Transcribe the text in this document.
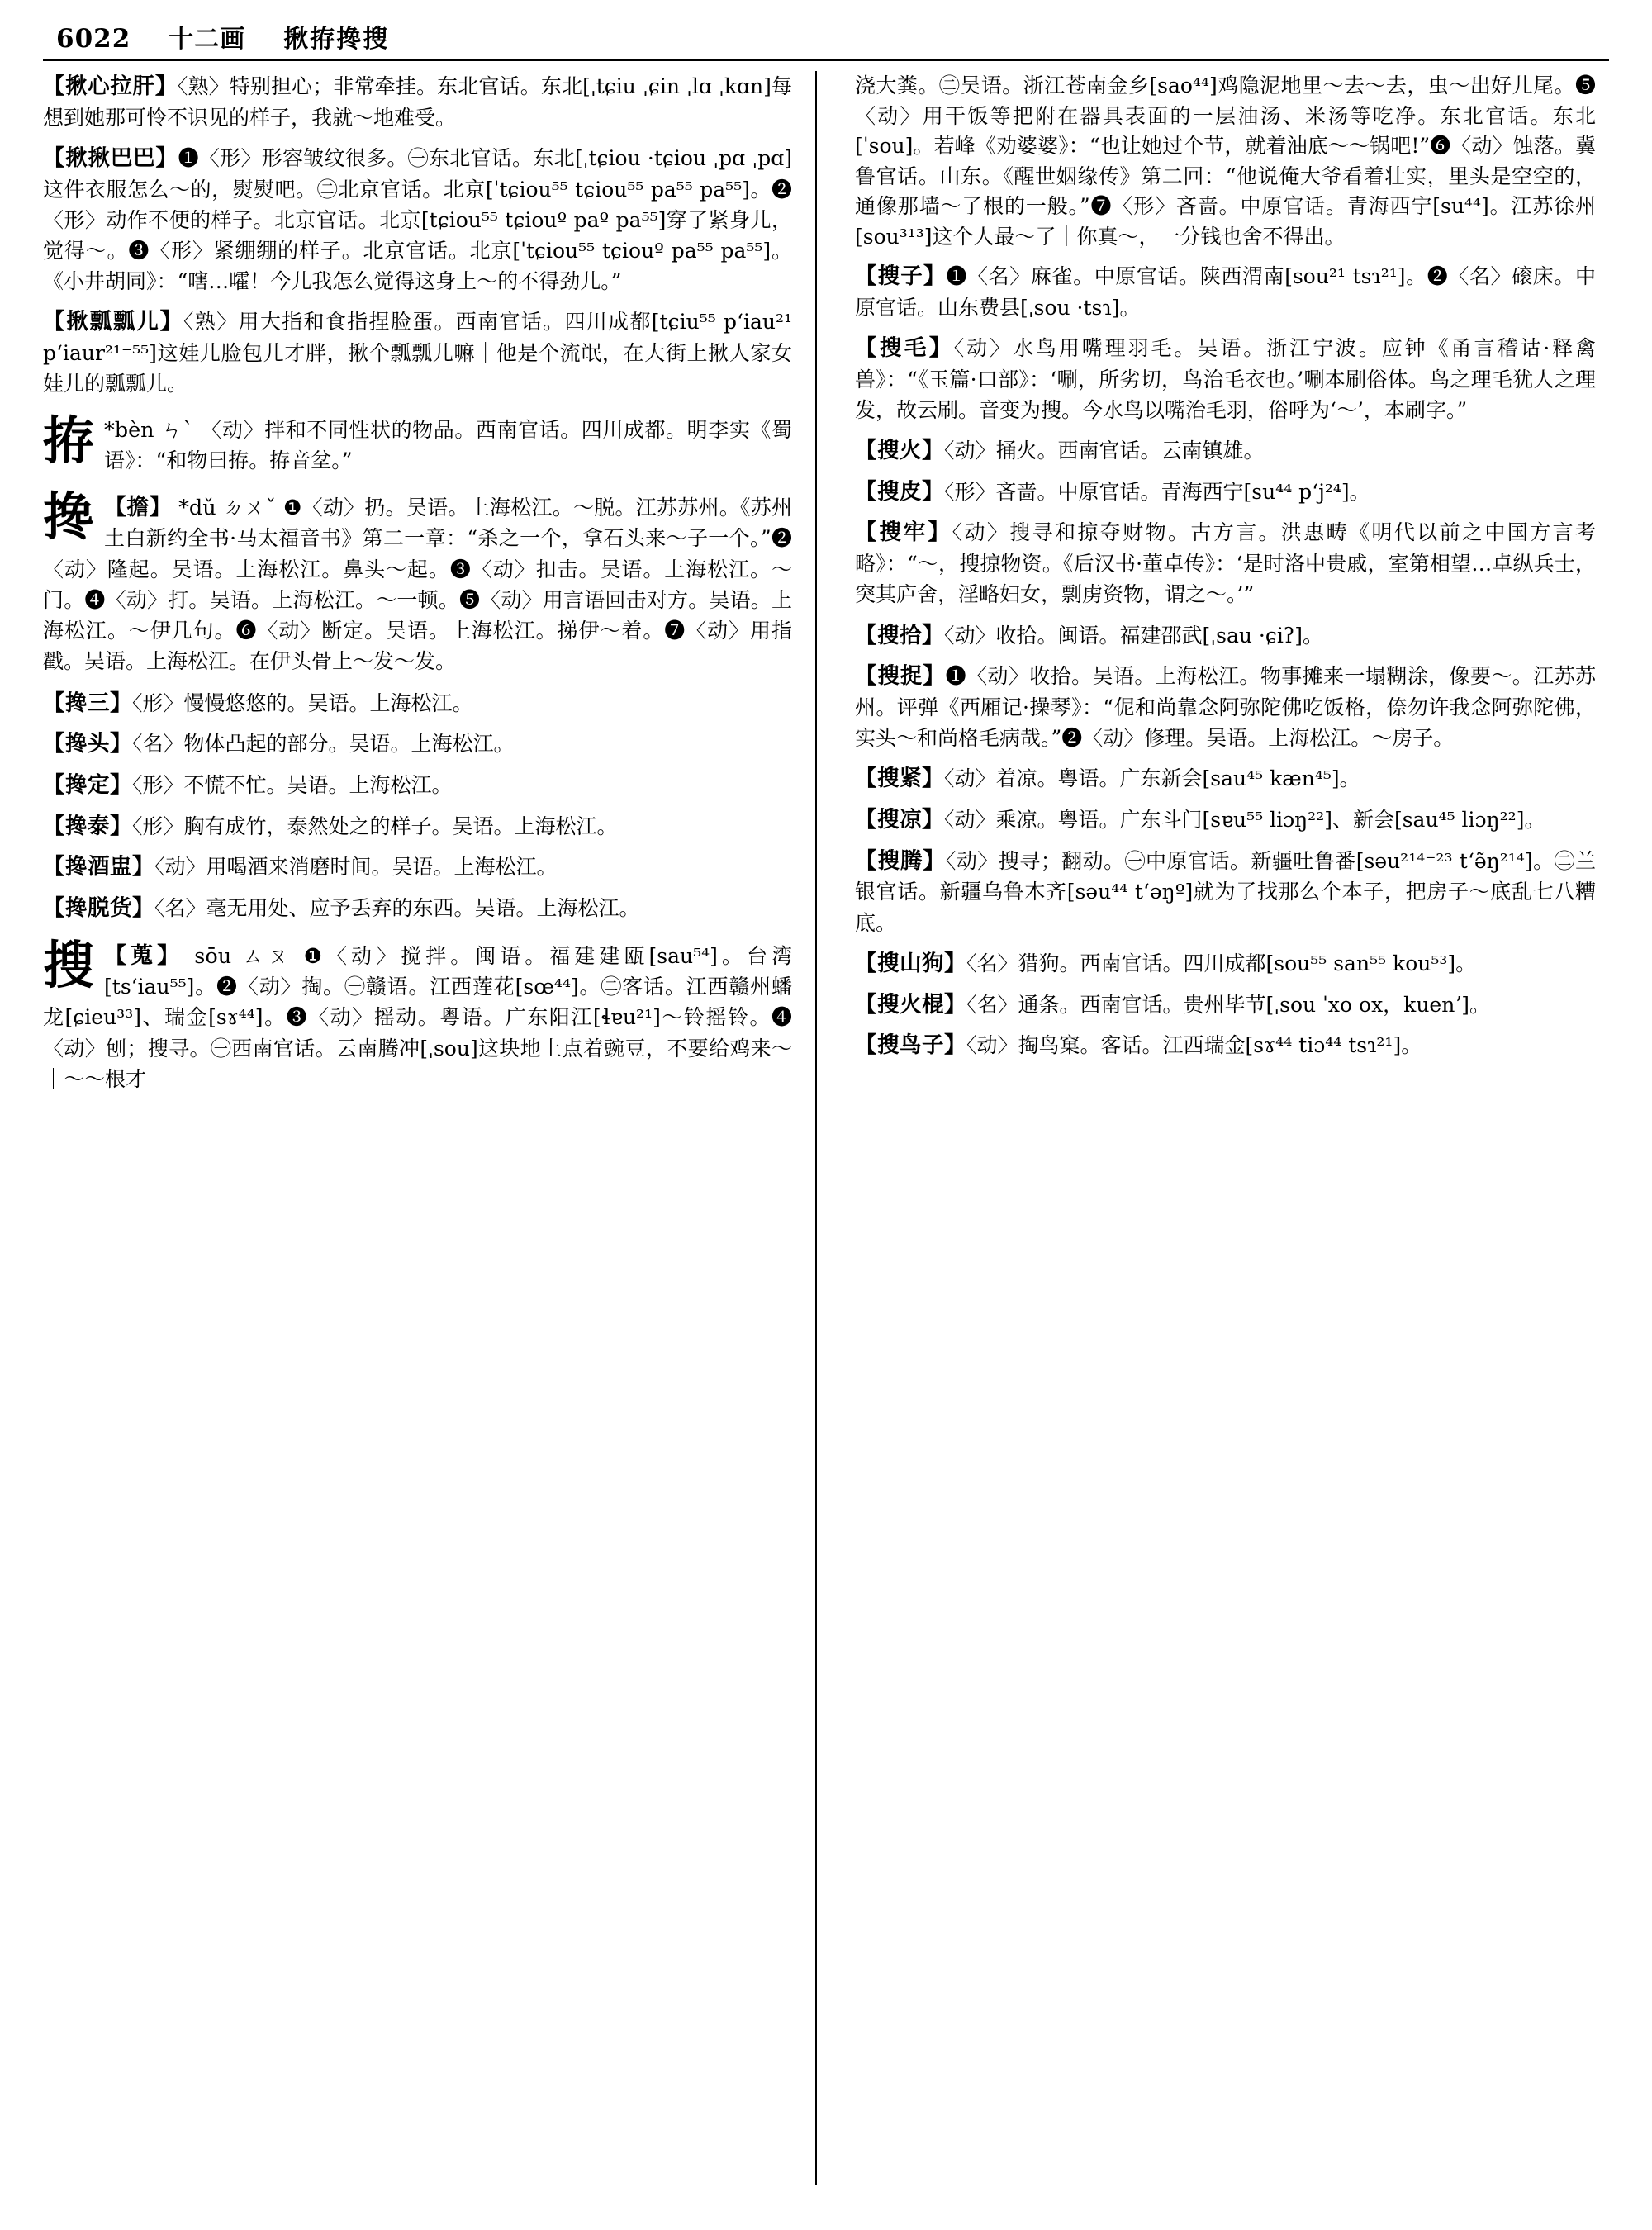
6022 十二画 揪拵搀搜

【揪心拉肝】〈熟〉特别担心；非常牵挂。东北官话。东北[ˌtɕiu ˌɕin ˌlɑ ˌkɑn]每想到她那可怜不识见的样子，我就～地难受。

【揪揪巴巴】❶〈形〉形容皱纹很多。㊀东北官话。东北[ˌtɕiou ·tɕiou ˌpɑ ˌpɑ]这件衣服怎么～的，熨熨吧。㊁北京官话。北京[ˈtɕiou⁵⁵ tɕiou⁵⁵ pa⁵⁵ pa⁵⁵]。❷〈形〉动作不便的样子。北京官话。北京[tɕiou⁵⁵ tɕiouº paº pa⁵⁵]穿了紧身儿，觉得～。❸〈形〉紧绷绷的样子。北京官话。北京[ˈtɕiou⁵⁵ tɕiouº pa⁵⁵ pa⁵⁵]。《小井胡同》：“嗐…嚯！今儿我怎么觉得这身上～的不得劲儿。”

【揪瓢瓢儿】〈熟〉用大指和食指捏脸蛋。西南官话。四川成都[tɕiu⁵⁵ pʻiau²¹ pʻiaur²¹⁻⁵⁵]这娃儿脸包儿才胖，揪个瓢瓢儿嘛｜他是个流氓，在大街上揪人家女娃儿的瓢瓢儿。

拵 *bèn ㄣˋ 〈动〉拌和不同性状的物品。西南官话。四川成都。明李实《蜀语》：“和物曰拵。拵音坌。”
搀 【擔】 *dǔ ㄉㄨˇ ❶〈动〉扔。吴语。上海松江。～脱。江苏苏州。《苏州土白新约全书·马太福音书》第二一章：“杀之一个，拿石头来～子一个。”❷〈动〉隆起。吴语。上海松江。鼻头～起。❸〈动〉扣击。吴语。上海松江。～门。❹〈动〉打。吴语。上海松江。～一顿。❺〈动〉用言语回击对方。吴语。上海松江。～伊几句。❻〈动〉断定。吴语。上海松江。挮伊～着。❼〈动〉用指戳。吴语。上海松江。在伊头骨上～发～发。

【搀三】〈形〉慢慢悠悠的。吴语。上海松江。

【搀头】〈名〉物体凸起的部分。吴语。上海松江。

【搀定】〈形〉不慌不忙。吴语。上海松江。

【搀泰】〈形〉胸有成竹，泰然处之的样子。吴语。上海松江。

【搀酒盅】〈动〉用喝酒来消磨时间。吴语。上海松江。

【搀脱货】〈名〉毫无用处、应予丢弃的东西。吴语。上海松江。

搜 【蒐】 sōu ㄙㄡ ❶〈动〉搅拌。闽语。福建建瓯[sau⁵⁴]。台湾[tsʻiau⁵⁵]。❷〈动〉掏。㊀赣语。江西莲花[sœ⁴⁴]。㊁客话。江西赣州蟠龙[ɕieu³³]、瑞金[sɤ⁴⁴]。❸〈动〉摇动。粤语。广东阳江[ɬɐu²¹]～铃摇铃。❹〈动〉刨；搜寻。㊀西南官话。云南腾冲[ˌsou]这块地上点着豌豆，不要给鸡来～｜～～根才

浇大粪。㊁吴语。浙江苍南金乡[sao⁴⁴]鸡隐泥地里～去～去，虫～出好儿尾。❺〈动〉用干饭等把附在器具表面的一层油汤、米汤等吃净。东北官话。东北[ˈsou]。若峰《劝婆婆》：“也让她过个节，就着油底～～锅吧!”❻〈动〉蚀落。冀鲁官话。山东。《醒世姻缘传》第二回：“他说俺大爷看着壮实，里头是空空的，通像那墙～了根的一般。”❼〈形〉吝啬。中原官话。青海西宁[su⁴⁴]。江苏徐州[sou³¹³]这个人最～了｜你真～，一分钱也舍不得出。

【搜子】❶〈名〉麻雀。中原官话。陕西渭南[sou²¹ tsɿ²¹]。❷〈名〉磙床。中原官话。山东费县[ˌsou ·tsɿ]。

【搜毛】〈动〉水鸟用嘴理羽毛。吴语。浙江宁波。应钟《甬言稽诂·释禽兽》：“《玉篇·口部》：‘唰，所劣切，鸟治毛衣也。’唰本刷俗体。鸟之理毛犹人之理发，故云刷。音变为搜。今水鸟以嘴治毛羽，俗呼为‘～’，本刷字。”

【搜火】〈动〉捅火。西南官话。云南镇雄。

【搜皮】〈形〉吝啬。中原官话。青海西宁[su⁴⁴ pʻj²⁴]。

【搜牢】〈动〉搜寻和掠夺财物。古方言。洪惠畴《明代以前之中国方言考略》：“～，搜掠物资。《后汉书·董卓传》：‘是时洛中贵戚，室第相望…卓纵兵士，突其庐舍，淫略妇女，剽虏资物，谓之～。’”

【搜拾】〈动〉收拾。闽语。福建邵武[ˌsau ·ɕiʔ]。

【搜捉】❶〈动〉收拾。吴语。上海松江。物事摊来一塌糊涂，像要～。江苏苏州。评弹《西厢记·操琴》：“伲和尚靠念阿弥陀佛吃饭格，倷勿许我念阿弥陀佛，实头～和尚格毛病哉。”❷〈动〉修理。吴语。上海松江。～房子。

【搜紧】〈动〉着凉。粤语。广东新会[sau⁴⁵ kæn⁴⁵]。

【搜凉】〈动〉乘凉。粤语。广东斗门[sɐu⁵⁵ liɔŋ²²]、新会[sau⁴⁵ liɔŋ²²]。

【搜腾】〈动〉搜寻；翻动。㊀中原官话。新疆吐鲁番[səu²¹⁴⁻²³ tʻə̃ŋ²¹⁴]。㊁兰银官话。新疆乌鲁木齐[səu⁴⁴ tʻəŋº]就为了找那么个本子，把房子～底乱七八糟底。

【搜山狗】〈名〉猎狗。西南官话。四川成都[sou⁵⁵ san⁵⁵ kou⁵³]。

【搜火棍】〈名〉通条。西南官话。贵州毕节[ˌsou ˈxo ox，kuenʼ]。

【搜鸟子】〈动〉掏鸟窠。客话。江西瑞金[sɤ⁴⁴ tiɔ⁴⁴ tsɿ²¹]。
